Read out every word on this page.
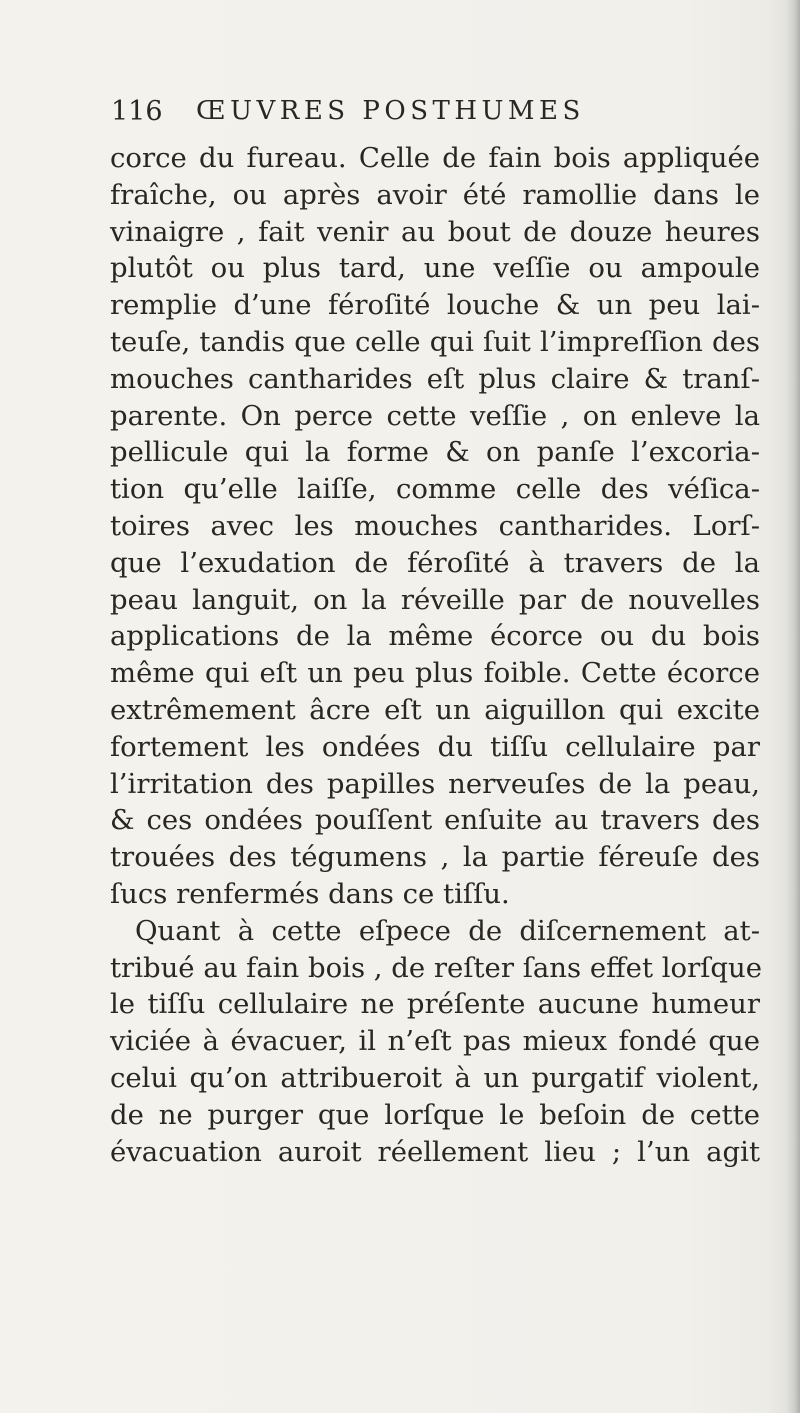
116 ŒUVRES POSTHUMES
corce du fureau. Celle de fain bois appliquée
fraîche, ou après avoir été ramollie dans le
vinaigre , fait venir au bout de douze heures
plutôt ou plus tard, une veſſie ou ampoule
remplie d’une féroſité louche & un peu lai-
teuſe, tandis que celle qui ſuit l’impreſſion des
mouches cantharides eſt plus claire & tranſ-
parente. On perce cette veſſie , on enleve la
pellicule qui la forme & on panſe l’excoria-
tion qu’elle laiſſe, comme celle des véſica-
toires avec les mouches cantharides. Lorſ-
que l’exudation de féroſité à travers de la
peau languit, on la réveille par de nouvelles
applications de la même écorce ou du bois
même qui eſt un peu plus foible. Cette écorce
extrêmement âcre eſt un aiguillon qui excite
fortement les ondées du tiſſu cellulaire par
l’irritation des papilles nerveuſes de la peau,
& ces ondées pouſſent enſuite au travers des
trouées des tégumens , la partie féreuſe des
ſucs renfermés dans ce tiſſu.
Quant à cette eſpece de diſcernement at-
tribué au fain bois , de reſter ſans effet lorſque
le tiſſu cellulaire ne préſente aucune humeur
viciée à évacuer, il n’eſt pas mieux fondé que
celui qu’on attribueroit à un purgatif violent,
de ne purger que lorſque le beſoin de cette
évacuation auroit réellement lieu ; l’un agit
